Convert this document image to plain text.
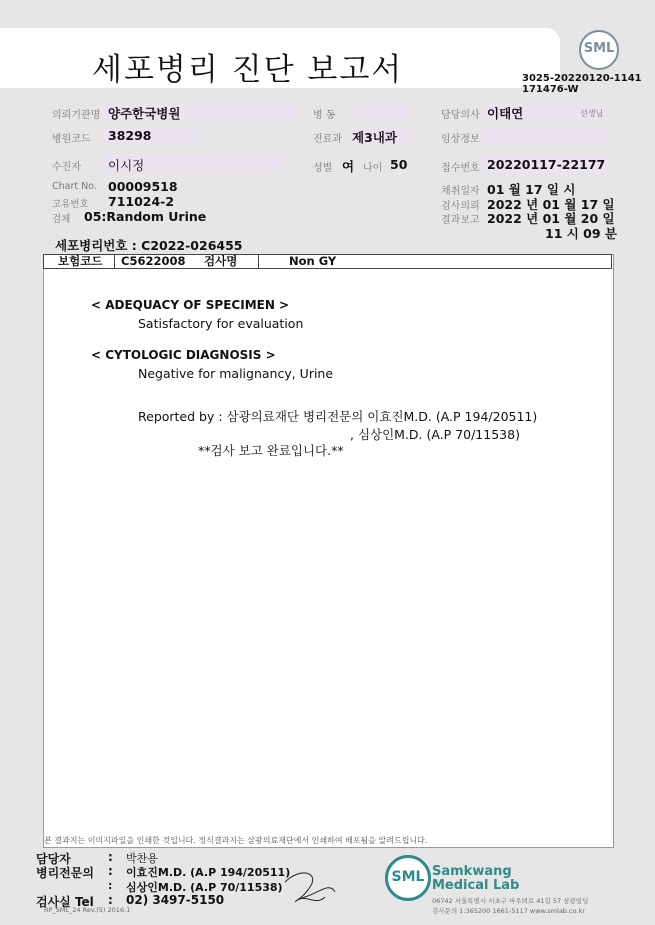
세포병리 진단 보고서
SML
3025-20220120-1141
171476-W
의뢰기관명 양주한국병원	병 동	담당의사 이태연	선생님
병원코드 38298	진료과 제3내과	임상정보
수진자 이시정	성별 여 나이 50	접수번호 20220117-22177
Chart No. 00009518
고유번호 711024-2
검체 05:Random Urine
채취일자 01 월 17 일 시
검사의뢰 2022 년 01 월 17 일
결과보고 2022 년 01 월 20 일
11 시 09 분
세포병리번호 : C2022-026455
보험코드	C5622008 검사명	Non GY
< ADEQUACY OF SPECIMEN >
Satisfactory for evaluation
< CYTOLOGIC DIAGNOSIS >
Negative for malignancy, Urine
Reported by : 삼광의료재단 병리전문의 이효진M.D. (A.P 194/20511)
, 심상인M.D. (A.P 70/11538)
**검사 보고 완료입니다.**
본 결과지는 이미지파일을 인쇄한 것입니다. 정식결과지는 삼광의료재단에서 인쇄하여 배포됨을 알려드립니다.
담당자	: 박찬용
병리전문의 : 이효진M.D. (A.P 194/20511)
: 심상인M.D. (A.P 70/11538)
검사실 Tel : 02) 3497-5150
RP_SML_24 Rev.(5) 2016.1
SML Samkwang
Medical Lab
06742 서울특별시 서초구 바우뫼로 41길 57 삼광빌딩
검사문의 1:365200 1661-5117 www.smlab.co.kr
